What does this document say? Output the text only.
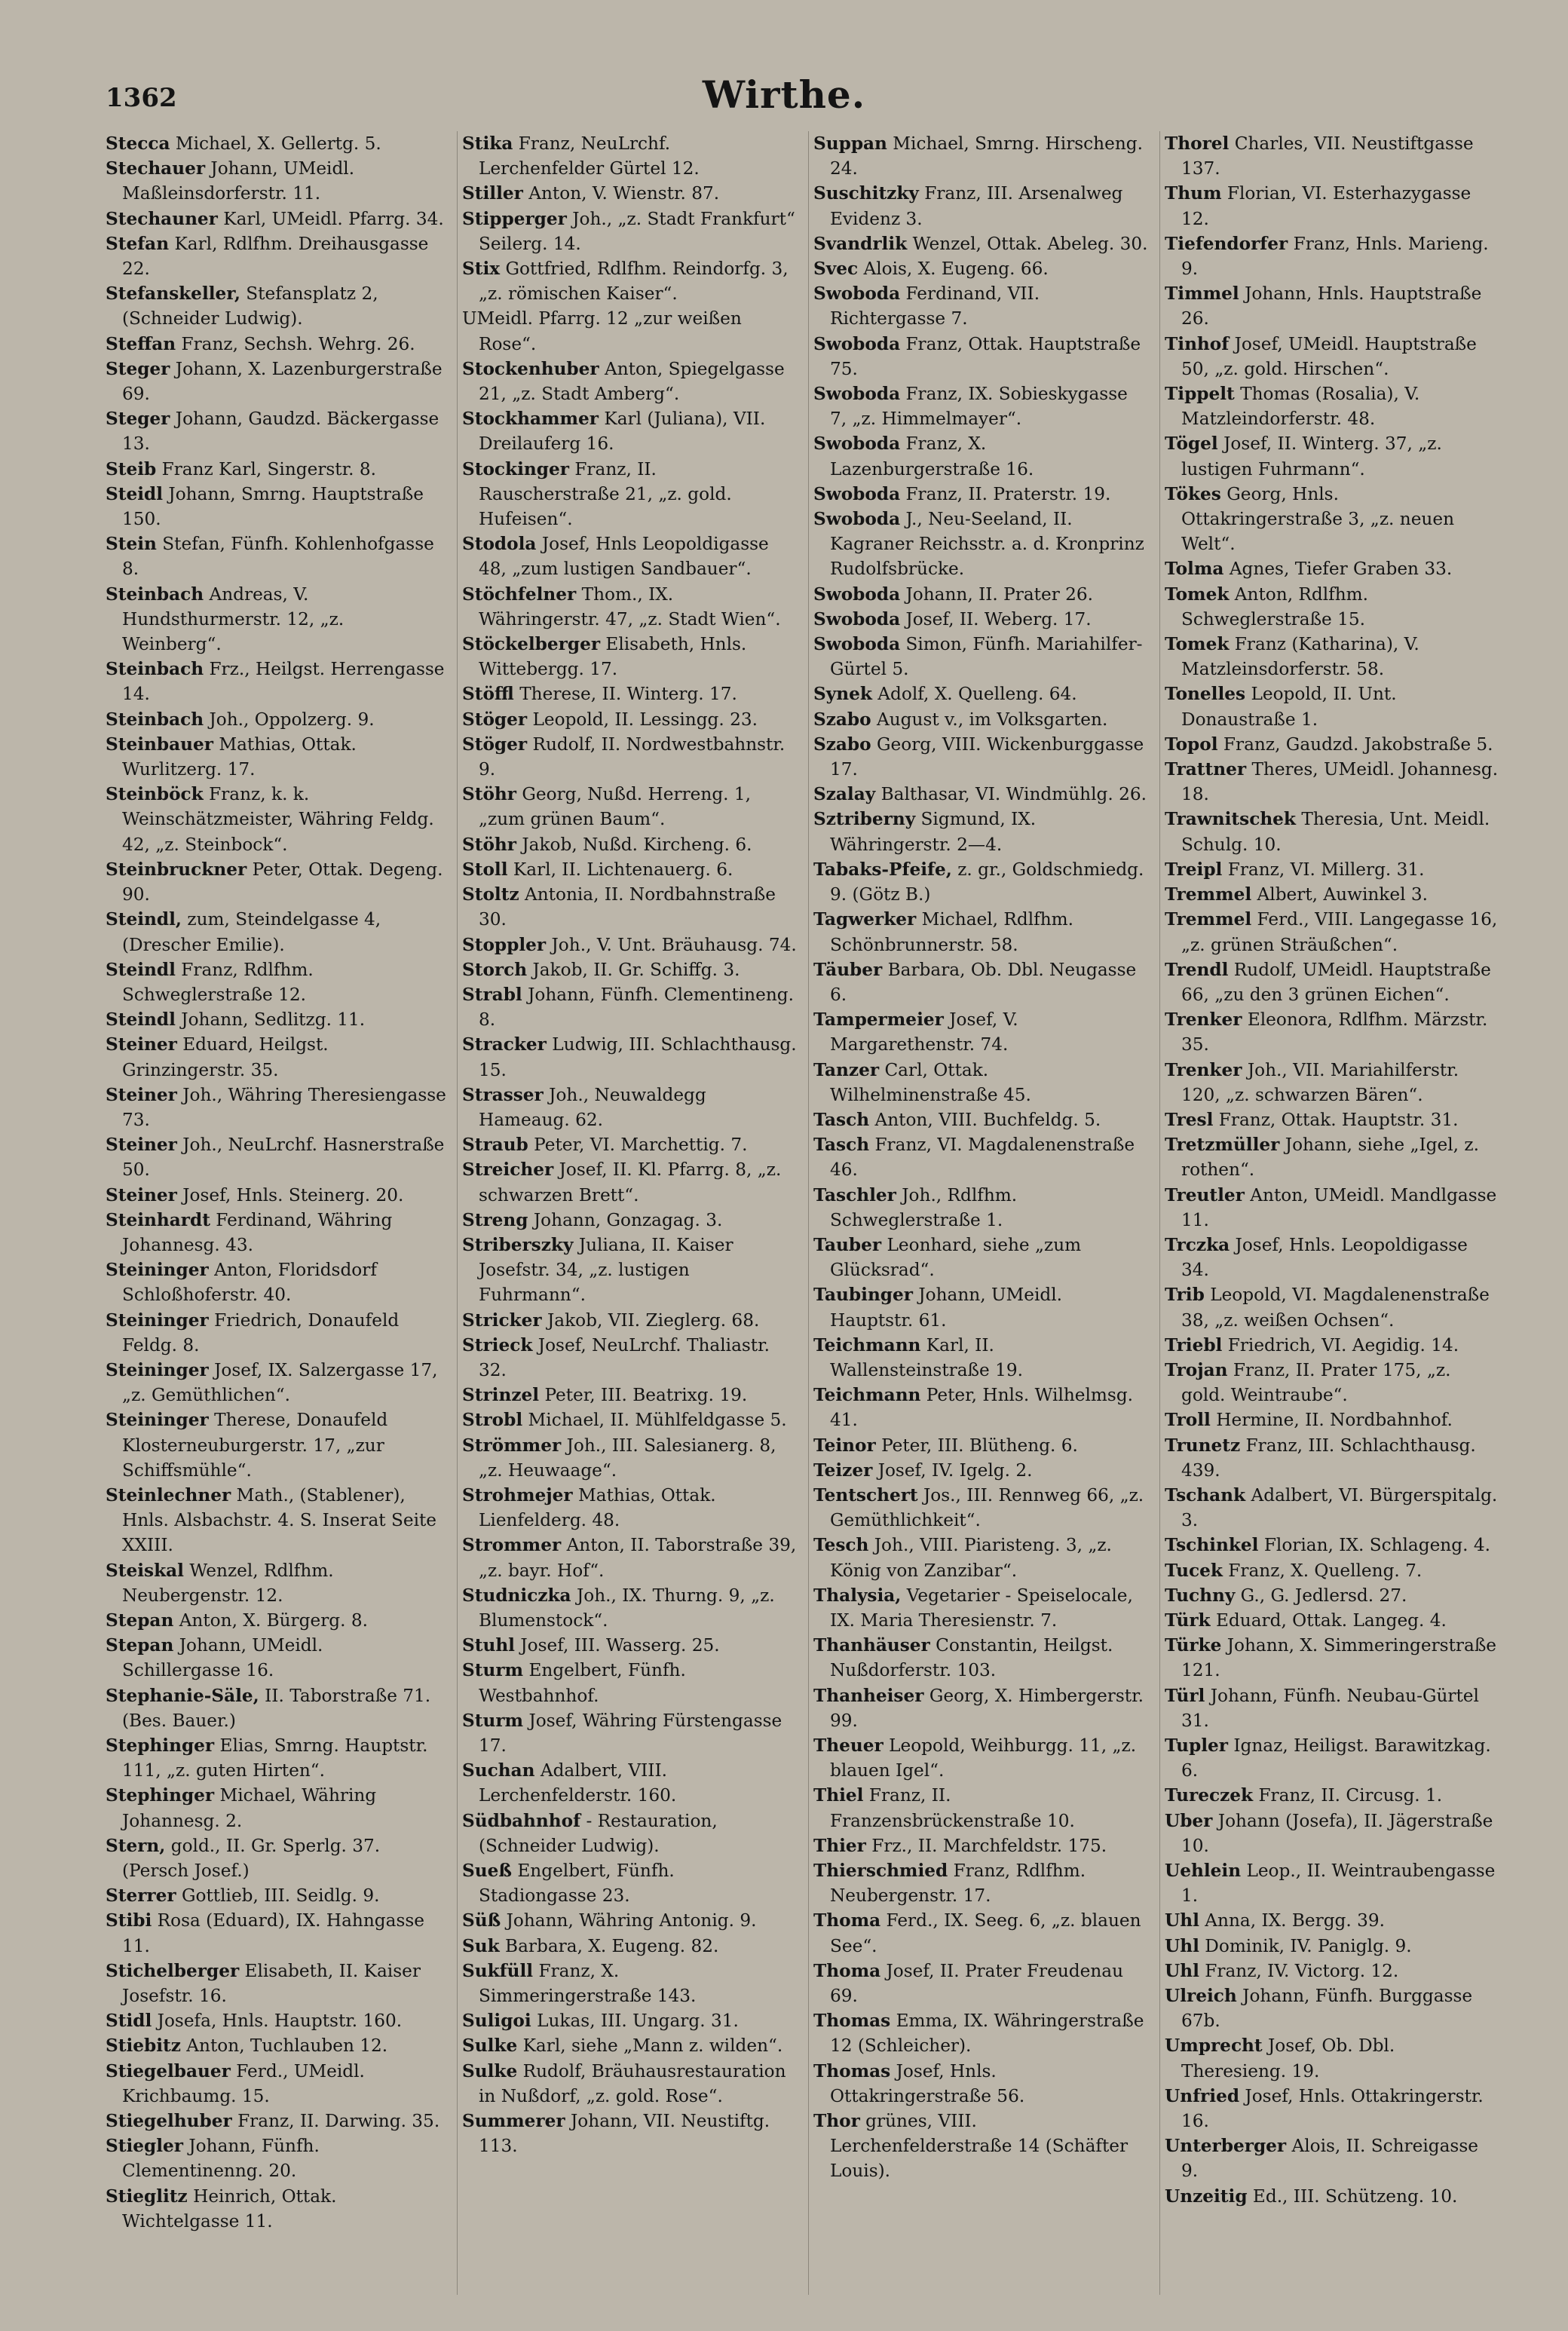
Wirthe.
1362

Stecca Michael, X. Gellertg. 5.

Stechauer Johann, UMeidl. Maßleinsdorferstr. 11.

Stechauner Karl, UMeidl. Pfarrg. 34.

Stefan Karl, Rdlfhm. Dreihausgasse 22.

Stefanskeller, Stefansplatz 2, (Schneider Ludwig).

Steffan Franz, Sechsh. Wehrg. 26.

Steger Johann, X. Lazenburgerstraße 69.

Steger Johann, Gaudzd. Bäckergasse 13.

Steib Franz Karl, Singerstr. 8.

Steidl Johann, Smrng. Hauptstraße 150.

Stein Stefan, Fünfh. Kohlenhofgasse 8.

Steinbach Andreas, V. Hundsthurmerstr. 12, „z. Weinberg“.

Steinbach Frz., Heilgst. Herrengasse 14.

Steinbach Joh., Oppolzerg. 9.

Steinbauer Mathias, Ottak. Wurlitzerg. 17.

Steinböck Franz, k. k. Weinschätzmeister, Währing Feldg. 42, „z. Steinbock“.

Steinbruckner Peter, Ottak. Degeng. 90.

Steindl, zum, Steindelgasse 4, (Drescher Emilie).

Steindl Franz, Rdlfhm. Schweglerstraße 12.

Steindl Johann, Sedlitzg. 11.

Steiner Eduard, Heilgst. Grinzingerstr. 35.

Steiner Joh., Währing Theresiengasse 73.

Steiner Joh., NeuLrchf. Hasnerstraße 50.

Steiner Josef, Hnls. Steinerg. 20.

Steinhardt Ferdinand, Währing Johannesg. 43.

Steininger Anton, Floridsdorf Schloßhoferstr. 40.

Steininger Friedrich, Donaufeld Feldg. 8.

Steininger Josef, IX. Salzergasse 17, „z. Gemüthlichen“.

Steininger Therese, Donaufeld Klosterneuburgerstr. 17, „zur Schiffsmühle“.

Steinlechner Math., (Stablener), Hnls. Alsbachstr. 4. S. Inserat Seite XXIII.

Steiskal Wenzel, Rdlfhm. Neubergenstr. 12.

Stepan Anton, X. Bürgerg. 8.

Stepan Johann, UMeidl. Schillergasse 16.

Stephanie-Säle, II. Taborstraße 71. (Bes. Bauer.)

Stephinger Elias, Smrng. Hauptstr. 111, „z. guten Hirten“.

Stephinger Michael, Währing Johannesg. 2.

Stern, gold., II. Gr. Sperlg. 37. (Persch Josef.)

Sterrer Gottlieb, III. Seidlg. 9.

Stibi Rosa (Eduard), IX. Hahngasse 11.

Stichelberger Elisabeth, II. Kaiser Josefstr. 16.

Stidl Josefa, Hnls. Hauptstr. 160.

Stiebitz Anton, Tuchlauben 12.

Stiegelbauer Ferd., UMeidl. Krichbaumg. 15.

Stiegelhuber Franz, II. Darwing. 35.

Stiegler Johann, Fünfh. Clementinenng. 20.

Stieglitz Heinrich, Ottak. Wichtelgasse 11.

Stika Franz, NeuLrchf. Lerchenfelder Gürtel 12.

Stiller Anton, V. Wienstr. 87.

Stipperger Joh., „z. Stadt Frankfurt“ Seilerg. 14.

Stix Gottfried, Rdlfhm. Reindorfg. 3, „z. römischen Kaiser“.

UMeidl. Pfarrg. 12 „zur weißen Rose“.

Stockenhuber Anton, Spiegelgasse 21, „z. Stadt Amberg“.

Stockhammer Karl (Juliana), VII. Dreilauferg 16.

Stockinger Franz, II. Rauscherstraße 21, „z. gold. Hufeisen“.

Stodola Josef, Hnls Leopoldigasse 48, „zum lustigen Sandbauer“.

Stöchfelner Thom., IX. Währingerstr. 47, „z. Stadt Wien“.

Stöckelberger Elisabeth, Hnls. Wittebergg. 17.

Stöffl Therese, II. Winterg. 17.

Stöger Leopold, II. Lessingg. 23.

Stöger Rudolf, II. Nordwestbahnstr. 9.

Stöhr Georg, Nußd. Herreng. 1, „zum grünen Baum“.

Stöhr Jakob, Nußd. Kircheng. 6.

Stoll Karl, II. Lichtenauerg. 6.

Stoltz Antonia, II. Nordbahnstraße 30.

Stoppler Joh., V. Unt. Bräuhausg. 74.

Storch Jakob, II. Gr. Schiffg. 3.

Strabl Johann, Fünfh. Clementineng. 8.

Stracker Ludwig, III. Schlachthausg. 15.

Strasser Joh., Neuwaldegg Hameaug. 62.

Straub Peter, VI. Marchettig. 7.

Streicher Josef, II. Kl. Pfarrg. 8, „z. schwarzen Brett“.

Streng Johann, Gonzagag. 3.

Striberszky Juliana, II. Kaiser Josefstr. 34, „z. lustigen Fuhrmann“.

Stricker Jakob, VII. Zieglerg. 68.

Strieck Josef, NeuLrchf. Thaliastr. 32.

Strinzel Peter, III. Beatrixg. 19.

Strobl Michael, II. Mühlfeldgasse 5.

Strömmer Joh., III. Salesianerg. 8, „z. Heuwaage“.

Strohmejer Mathias, Ottak. Lienfelderg. 48.

Strommer Anton, II. Taborstraße 39, „z. bayr. Hof“.

Studniczka Joh., IX. Thurng. 9, „z. Blumenstock“.

Stuhl Josef, III. Wasserg. 25.

Sturm Engelbert, Fünfh. Westbahnhof.

Sturm Josef, Währing Fürstengasse 17.

Suchan Adalbert, VIII. Lerchenfelderstr. 160.

Südbahnhof - Restauration, (Schneider Ludwig).

Sueß Engelbert, Fünfh. Stadiongasse 23.

Süß Johann, Währing Antonig. 9.

Suk Barbara, X. Eugeng. 82.

Sukfüll Franz, X. Simmeringerstraße 143.

Suligoi Lukas, III. Ungarg. 31.

Sulke Karl, siehe „Mann z. wilden“.

Sulke Rudolf, Bräuhausrestauration in Nußdorf, „z. gold. Rose“.

Summerer Johann, VII. Neustiftg. 113.

Suppan Michael, Smrng. Hirscheng. 24.

Suschitzky Franz, III. Arsenalweg Evidenz 3.

Svandrlik Wenzel, Ottak. Abeleg. 30.

Svec Alois, X. Eugeng. 66.

Swoboda Ferdinand, VII. Richtergasse 7.

Swoboda Franz, Ottak. Hauptstraße 75.

Swoboda Franz, IX. Sobieskygasse 7, „z. Himmelmayer“.

Swoboda Franz, X. Lazenburgerstraße 16.

Swoboda Franz, II. Praterstr. 19.

Swoboda J., Neu-Seeland, II. Kagraner Reichsstr. a. d. Kronprinz Rudolfsbrücke.

Swoboda Johann, II. Prater 26.

Swoboda Josef, II. Weberg. 17.

Swoboda Simon, Fünfh. Mariahilfer-Gürtel 5.

Synek Adolf, X. Quelleng. 64.

Szabo August v., im Volksgarten.

Szabo Georg, VIII. Wickenburggasse 17.

Szalay Balthasar, VI. Windmühlg. 26.

Sztriberny Sigmund, IX. Währingerstr. 2—4.

Tabaks-Pfeife, z. gr., Goldschmiedg. 9. (Götz B.)

Tagwerker Michael, Rdlfhm. Schönbrunnerstr. 58.

Täuber Barbara, Ob. Dbl. Neugasse 6.

Tampermeier Josef, V. Margarethenstr. 74.

Tanzer Carl, Ottak. Wilhelminenstraße 45.

Tasch Anton, VIII. Buchfeldg. 5.

Tasch Franz, VI. Magdalenenstraße 46.

Taschler Joh., Rdlfhm. Schweglerstraße 1.

Tauber Leonhard, siehe „zum Glücksrad“.

Taubinger Johann, UMeidl. Hauptstr. 61.

Teichmann Karl, II. Wallensteinstraße 19.

Teichmann Peter, Hnls. Wilhelmsg. 41.

Teinor Peter, III. Blütheng. 6.

Teizer Josef, IV. Igelg. 2.

Tentschert Jos., III. Rennweg 66, „z. Gemüthlichkeit“.

Tesch Joh., VIII. Piaristeng. 3, „z. König von Zanzibar“.

Thalysia, Vegetarier - Speiselocale, IX. Maria Theresienstr. 7.

Thanhäuser Constantin, Heilgst. Nußdorferstr. 103.

Thanheiser Georg, X. Himbergerstr. 99.

Theuer Leopold, Weihburgg. 11, „z. blauen Igel“.

Thiel Franz, II. Franzensbrückenstraße 10.

Thier Frz., II. Marchfeldstr. 175.

Thierschmied Franz, Rdlfhm. Neubergenstr. 17.

Thoma Ferd., IX. Seeg. 6, „z. blauen See“.

Thoma Josef, II. Prater Freudenau 69.

Thomas Emma, IX. Währingerstraße 12 (Schleicher).

Thomas Josef, Hnls. Ottakringerstraße 56.

Thor grünes, VIII. Lerchenfelderstraße 14 (Schäfter Louis).

Thorel Charles, VII. Neustiftgasse 137.

Thum Florian, VI. Esterhazygasse 12.

Tiefendorfer Franz, Hnls. Marieng. 9.

Timmel Johann, Hnls. Hauptstraße 26.

Tinhof Josef, UMeidl. Hauptstraße 50, „z. gold. Hirschen“.

Tippelt Thomas (Rosalia), V. Matzleindorferstr. 48.

Tögel Josef, II. Winterg. 37, „z. lustigen Fuhrmann“.

Tökes Georg, Hnls. Ottakringerstraße 3, „z. neuen Welt“.

Tolma Agnes, Tiefer Graben 33.

Tomek Anton, Rdlfhm. Schweglerstraße 15.

Tomek Franz (Katharina), V. Matzleinsdorferstr. 58.

Tonelles Leopold, II. Unt. Donaustraße 1.

Topol Franz, Gaudzd. Jakobstraße 5.

Trattner Theres, UMeidl. Johannesg. 18.

Trawnitschek Theresia, Unt. Meidl. Schulg. 10.

Treipl Franz, VI. Millerg. 31.

Tremmel Albert, Auwinkel 3.

Tremmel Ferd., VIII. Langegasse 16, „z. grünen Sträußchen“.

Trendl Rudolf, UMeidl. Hauptstraße 66, „zu den 3 grünen Eichen“.

Trenker Eleonora, Rdlfhm. Märzstr. 35.

Trenker Joh., VII. Mariahilferstr. 120, „z. schwarzen Bären“.

Tresl Franz, Ottak. Hauptstr. 31.

Tretzmüller Johann, siehe „Igel, z. rothen“.

Treutler Anton, UMeidl. Mandlgasse 11.

Trczka Josef, Hnls. Leopoldigasse 34.

Trib Leopold, VI. Magdalenenstraße 38, „z. weißen Ochsen“.

Triebl Friedrich, VI. Aegidig. 14.

Trojan Franz, II. Prater 175, „z. gold. Weintraube“.

Troll Hermine, II. Nordbahnhof.

Trunetz Franz, III. Schlachthausg. 439.

Tschank Adalbert, VI. Bürgerspitalg. 3.

Tschinkel Florian, IX. Schlageng. 4.

Tucek Franz, X. Quelleng. 7.

Tuchny G., G. Jedlersd. 27.

Türk Eduard, Ottak. Langeg. 4.

Türke Johann, X. Simmeringerstraße 121.

Türl Johann, Fünfh. Neubau-Gürtel 31.

Tupler Ignaz, Heiligst. Barawitzkag. 6.

Tureczek Franz, II. Circusg. 1.

Uber Johann (Josefa), II. Jägerstraße 10.

Uehlein Leop., II. Weintraubengasse 1.

Uhl Anna, IX. Bergg. 39.

Uhl Dominik, IV. Paniglg. 9.

Uhl Franz, IV. Victorg. 12.

Ulreich Johann, Fünfh. Burggasse 67b.

Umprecht Josef, Ob. Dbl. Theresieng. 19.

Unfried Josef, Hnls. Ottakringerstr. 16.

Unterberger Alois, II. Schreigasse 9.

Unzeitig Ed., III. Schützeng. 10.
